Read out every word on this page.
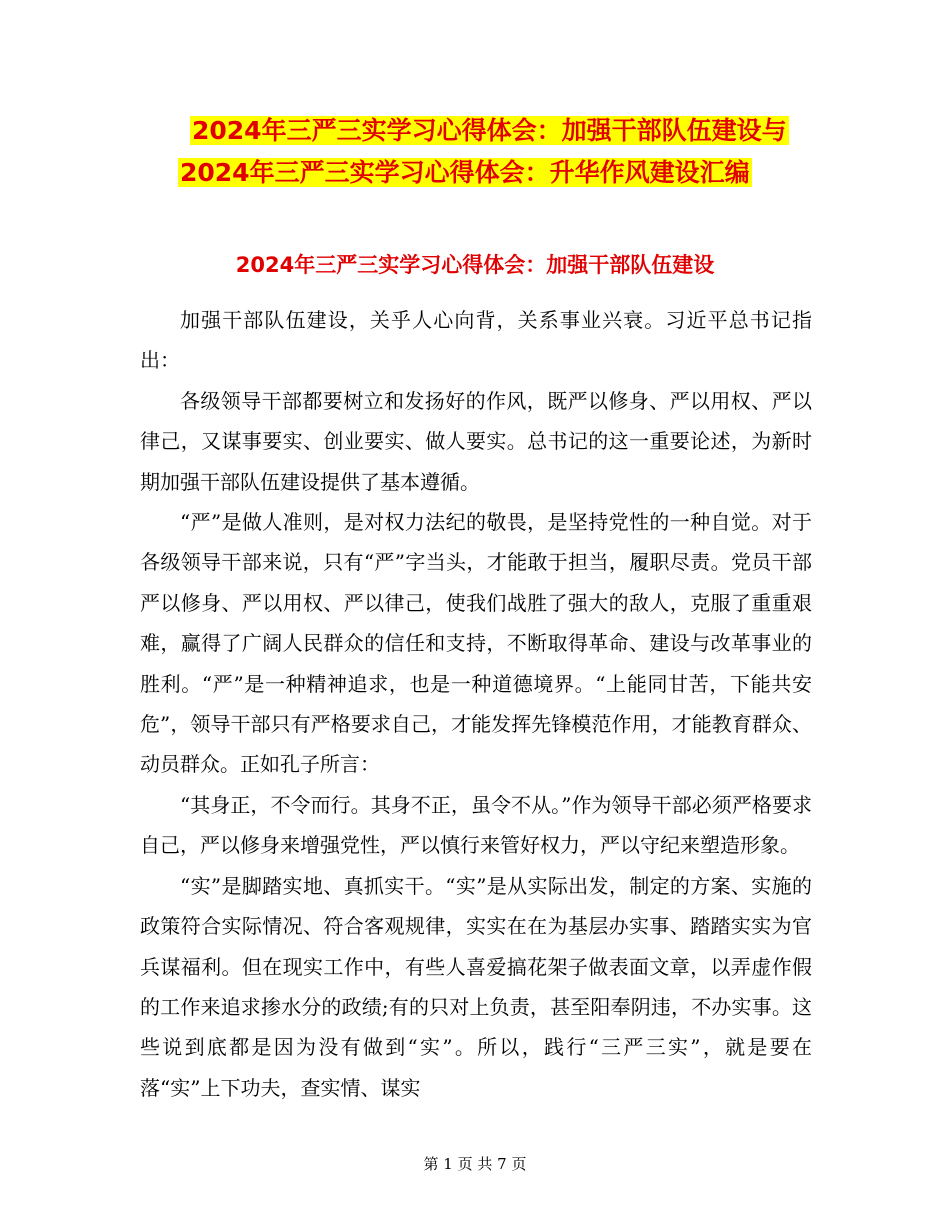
2024年三严三实学习心得体会：加强干部队伍建设与
2024年三严三实学习心得体会：升华作风建设汇编
2024年三严三实学习心得体会：加强干部队伍建设

加强干部队伍建设，关乎人心向背，关系事业兴衰。习近平总书记指出：

各级领导干部都要树立和发扬好的作风，既严以修身、严以用权、严以律己，又谋事要实、创业要实、做人要实。总书记的这一重要论述，为新时期加强干部队伍建设提供了基本遵循。

“严”是做人准则，是对权力法纪的敬畏，是坚持党性的一种自觉。对于各级领导干部来说，只有“严”字当头，才能敢于担当，履职尽责。党员干部严以修身、严以用权、严以律己，使我们战胜了强大的敌人，克服了重重艰难，赢得了广阔人民群众的信任和支持，不断取得革命、建设与改革事业的胜利。“严”是一种精神追求，也是一种道德境界。“上能同甘苦，下能共安危”，领导干部只有严格要求自己，才能发挥先锋模范作用，才能教育群众、动员群众。正如孔子所言：

“其身正，不令而行。其身不正，虽令不从。”作为领导干部必须严格要求自己，严以修身来增强党性，严以慎行来管好权力，严以守纪来塑造形象。

“实”是脚踏实地、真抓实干。“实”是从实际出发，制定的方案、实施的政策符合实际情况、符合客观规律，实实在在为基层办实事、踏踏实实为官兵谋福利。但在现实工作中，有些人喜爱搞花架子做表面文章，以弄虚作假的工作来追求掺水分的政绩;有的只对上负责，甚至阳奉阴违，不办实事。这些说到底都是因为没有做到“实”。所以，践行“三严三实”，就是要在落“实”上下功夫，查实情、谋实

第 1 页 共 7 页
